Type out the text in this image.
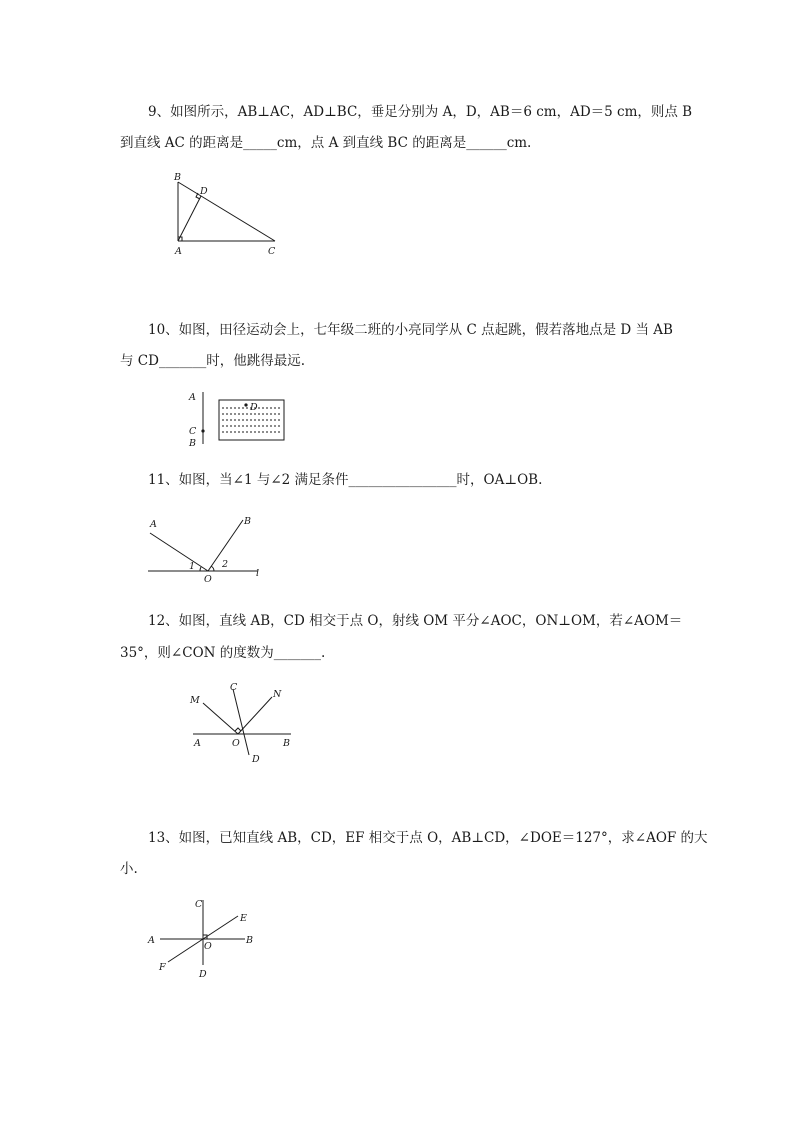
9、如图所示，AB⊥AC，AD⊥BC，垂足分别为 A，D，AB＝6 cm，AD＝5 cm，则点 B
到直线 AC 的距离是_____cm，点 A 到直线 BC 的距离是______cm.
B
D
A	C
10、如图，田径运动会上，七年级二班的小亮同学从 C 点起跳，假若落地点是 D 当 AB
与 CD_______时，他跳得最远.
A
C
B
D
11、如图，当∠1 与∠2 满足条件________________时，OA⊥OB.
A	B
1	2
O
l
12、如图，直线 AB，CD 相交于点 O，射线 OM 平分∠AOC，ON⊥OM，若∠AOM＝
35°，则∠CON 的度数为_______.
M
C
N
A	O	B
D
13、如图，已知直线 AB，CD，EF 相交于点 O，AB⊥CD，∠DOE＝127°，求∠AOF 的大
小.
C
E
A
O
B
F
D
